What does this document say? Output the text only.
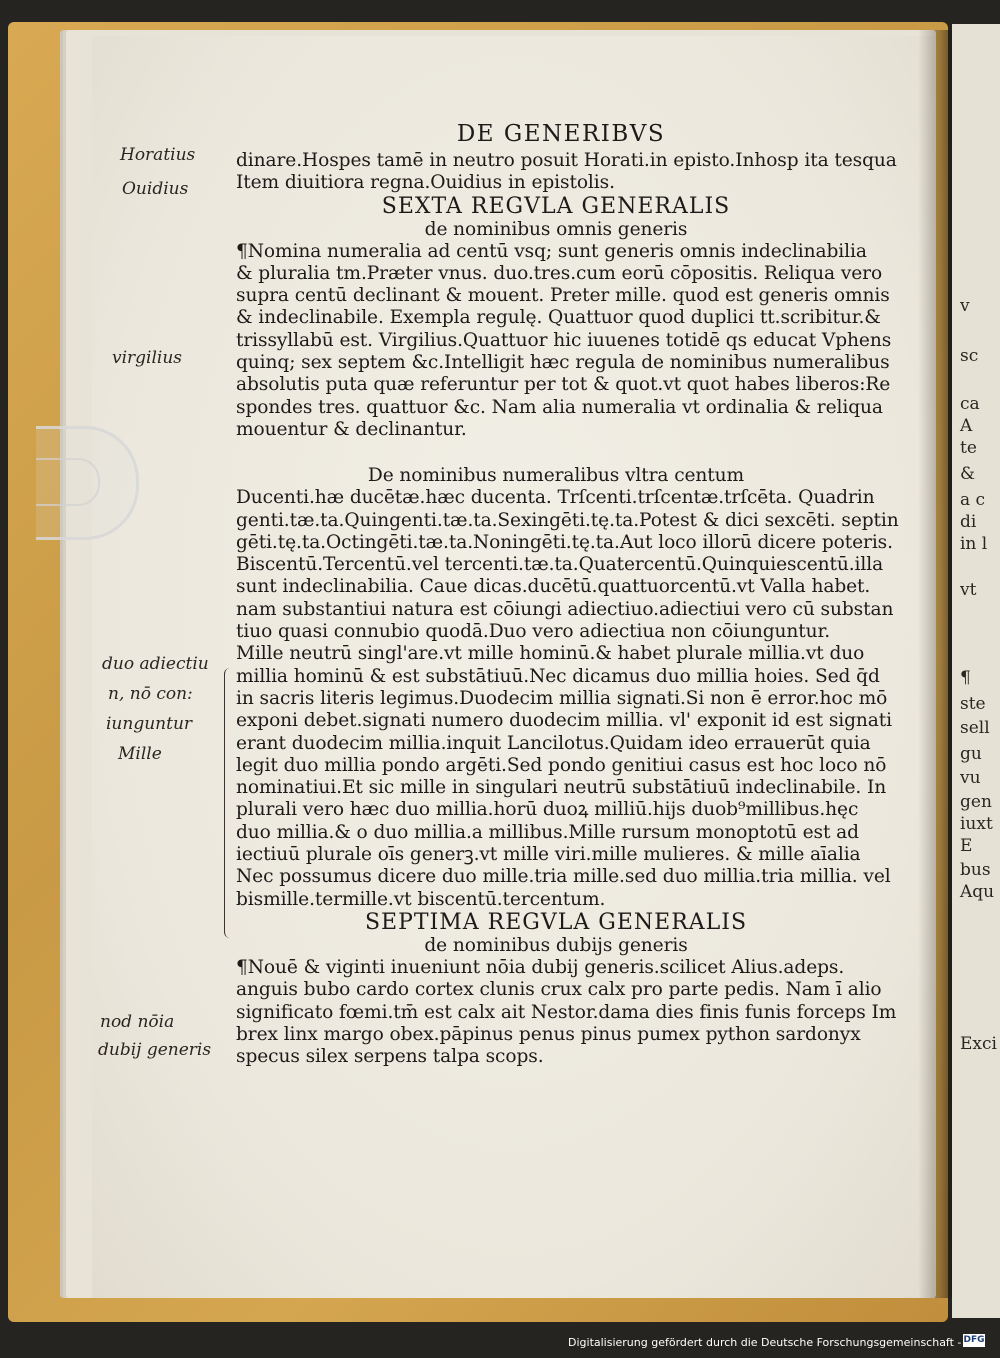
v
sc
ca
A
te
&
a c
di
in l
vt
¶
ste
sell
gu
vu
gen
iuxt
E
bus
Aqu
Exci
DE GENERIBVS
dinare.Hospes tamē in neutro posuit Horati.in episto.Inhosp ita tesqua
Item diuitiora regna.Ouidius in epistolis.
SEXTA REGVLA GENERALIS
de nominibus omnis generis
¶Nomina numeralia ad centū vsq; sunt generis omnis indeclinabilia
& pluralia tm.Præter vnus. duo.tres.cum eorū cōpositis. Reliqua vero
supra centū declinant & mouent. Preter mille. quod est generis omnis
& indeclinabile. Exempla regulę. Quattuor quod duplici tt.scribitur.&
trissyllabū est. Virgilius.Quattuor hic iuuenes totidē qs educat Vphens
quinq; sex septem &c.Intelligit hæc regula de nominibus numeralibus
absolutis puta quæ referuntur per tot & quot.vt quot habes liberos:Re
spondes tres. quattuor &c. Nam alia numeralia vt ordinalia & reliqua
mouentur & declinantur.
De nominibus numeralibus vltra centum
Ducenti.hæ ducētæ.hæc ducenta. Trſcenti.trſcentæ.trſcēta. Quadrin
genti.tæ.ta.Quingenti.tæ.ta.Sexingēti.tę.ta.Potest & dici sexcēti. septin
gēti.tę.ta.Octingēti.tæ.ta.Noningēti.tę.ta.Aut loco illorū dicere poteris.
Biscentū.Tercentū.vel tercenti.tæ.ta.Quatercentū.Quinquiescentū.illa
sunt indeclinabilia. Caue dicas.ducētū.quattuorcentū.vt Valla habet.
nam substantiui natura est cōiungi adiectiuo.adiectiui vero cū substan
tiuo quasi connubio quodā.Duo vero adiectiua non cōiunguntur.
Mille neutrū singl'are.vt mille hominū.& habet plurale millia.vt duo
millia hominū & est substātiuū.Nec dicamus duo millia hoies. Sed q̄d
in sacris literis legimus.Duodecim millia signati.Si non ē error.hoc mō
exponi debet.signati numero duodecim millia. vl' exponit id est signati
erant duodecim millia.inquit Lancilotus.Quidam ideo errauerūt quia
legit duo millia pondo argēti.Sed pondo genitiui casus est hoc loco nō
nominatiui.Et sic mille in singulari neutrū substātiuū indeclinabile. In
plurali vero hæc duo millia.horū duoꝝ milliū.hijs duob⁹millibus.hęc
duo millia.& o duo millia.a millibus.Mille rursum monoptotū est ad
iectiuū plurale oīs generꝫ.vt mille viri.mille mulieres. & mille aīalia
Nec possumus dicere duo mille.tria mille.sed duo millia.tria millia. vel
bismille.termille.vt biscentū.tercentum.
SEPTIMA REGVLA GENERALIS
de nominibus dubijs generis
¶Nouē & viginti inueniunt nōia dubij generis.scilicet Alius.adeps.
anguis bubo cardo cortex clunis crux calx pro parte pedis. Nam ī alio
significato fœmi.tm̄ est calx ait Nestor.dama dies finis funis forceps Im
brex linx margo obex.pāpinus penus pinus pumex python sardonyx
specus silex serpens talpa scops.
Horatius
Ouidius
virgilius
duo adiectiu
n, nō con:
iunguntur
Mille
nod nōia
dubij generis
Digitalisierung gefördert durch die Deutsche Forschungsgemeinschaft - DFG
